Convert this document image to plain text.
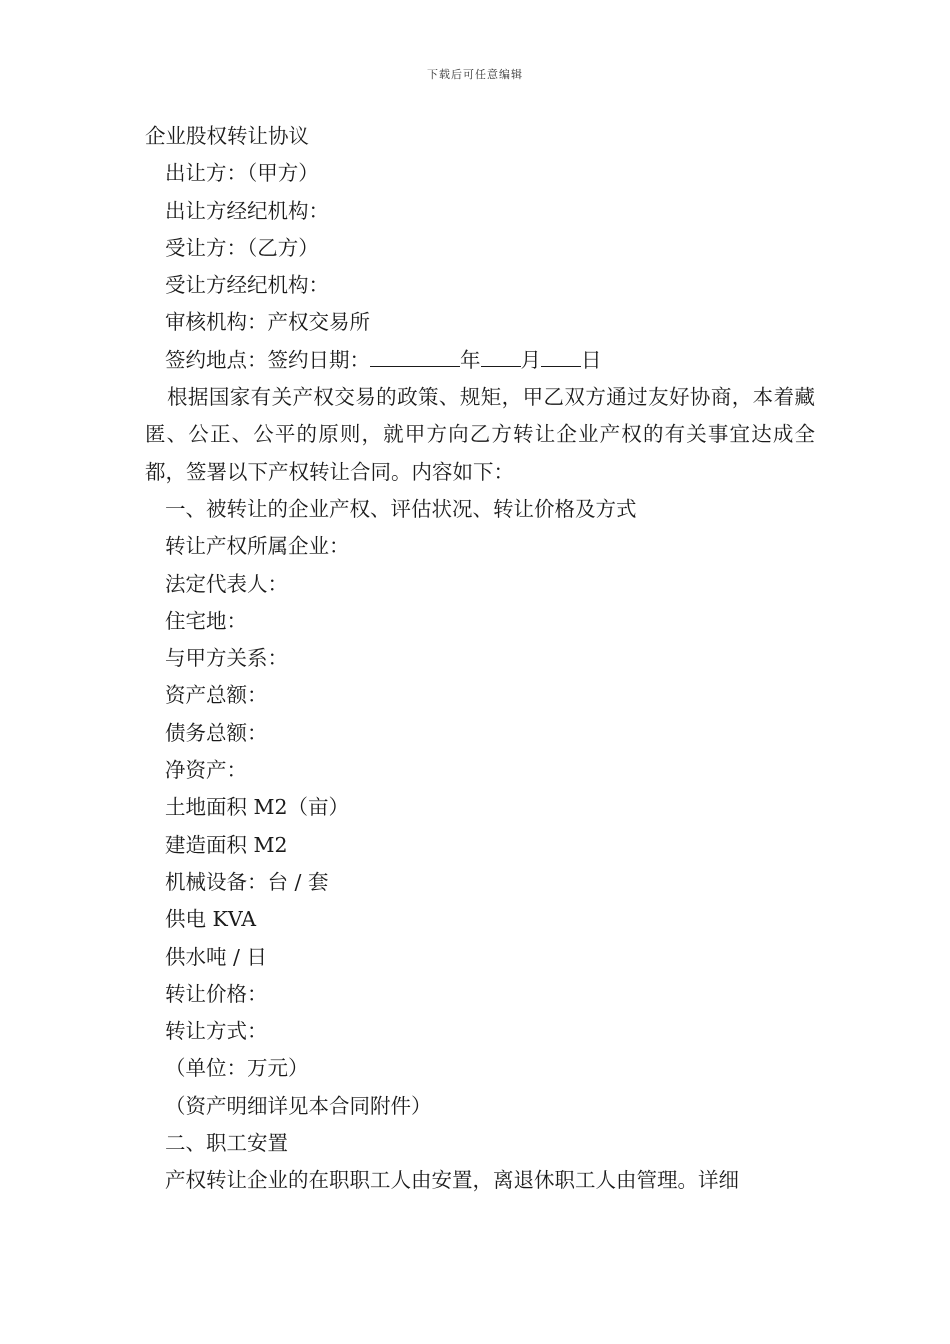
下载后可任意编辑

企业股权转让协议

出让方：（甲方）

出让方经纪机构：

受让方：（乙方）

受让方经纪机构：

审核机构：产权交易所

签约地点：签约日期：	年 月 日

根据国家有关产权交易的政策、规矩，甲乙双方通过友好协商，本着藏匿、公正、公平的原则，就甲方向乙方转让企业产权的有关事宜达成全都，签署以下产权转让合同。内容如下：

一、被转让的企业产权、评估状况、转让价格及方式

转让产权所属企业：

法定代表人：

住宅地：

与甲方关系：

资产总额：

债务总额：

净资产：

土地面积 M2（亩）

建造面积 M2

机械设备：台 / 套

供电 KVA

供水吨 / 日

转让价格：

转让方式：

（单位：万元）

（资产明细详见本合同附件）

二、职工安置

产权转让企业的在职职工人由安置，离退休职工人由管理。详细
